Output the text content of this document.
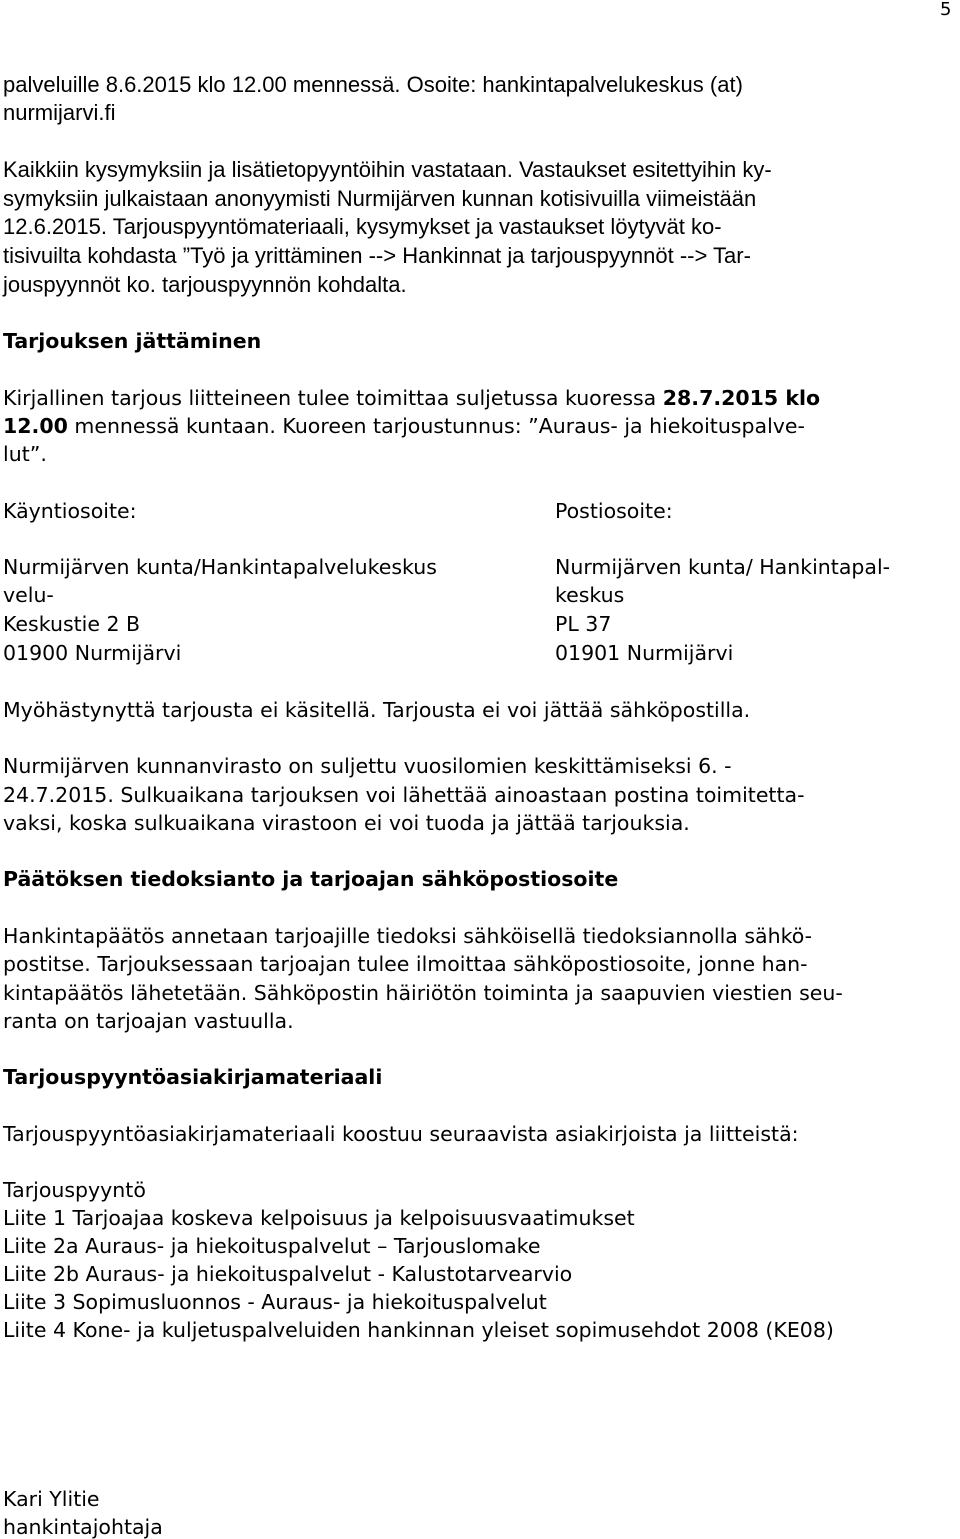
5
palveluille 8.6.2015 klo 12.00 mennessä. Osoite: hankintapalvelukeskus (at)
nurmijarvi.fi
Kaikkiin kysymyksiin ja lisätietopyyntöihin vastataan. Vastaukset esitettyihin ky-
symyksiin julkaistaan anonyymisti Nurmijärven kunnan kotisivuilla viimeistään
12.6.2015. Tarjouspyyntömateriaali, kysymykset ja vastaukset löytyvät ko-
tisivuilta kohdasta ”Työ ja yrittäminen --> Hankinnat ja tarjouspyynnöt --> Tar-
jouspyynnöt ko. tarjouspyynnön kohdalta.
Tarjouksen jättäminen
Kirjallinen tarjous liitteineen tulee toimittaa suljetussa kuoressa 28.7.2015 klo
12.00 mennessä kuntaan. Kuoreen tarjoustunnus: ”Auraus- ja hiekoituspalve-
lut”.
Käyntiosoite:	Postiosoite:
Nurmijärven kunta/Hankintapalvelukeskus
velu-
Keskustie 2 B
01900 Nurmijärvi
Nurmijärven kunta/ Hankintapal-
keskus
PL 37
01901 Nurmijärvi
Myöhästynyttä tarjousta ei käsitellä. Tarjousta ei voi jättää sähköpostilla.
Nurmijärven kunnanvirasto on suljettu vuosilomien keskittämiseksi 6. -
24.7.2015. Sulkuaikana tarjouksen voi lähettää ainoastaan postina toimitetta-
vaksi, koska sulkuaikana virastoon ei voi tuoda ja jättää tarjouksia.
Päätöksen tiedoksianto ja tarjoajan sähköpostiosoite
Hankintapäätös annetaan tarjoajille tiedoksi sähköisellä tiedoksiannolla sähkö-
postitse. Tarjouksessaan tarjoajan tulee ilmoittaa sähköpostiosoite, jonne han-
kintapäätös lähetetään. Sähköpostin häiriötön toiminta ja saapuvien viestien seu-
ranta on tarjoajan vastuulla.
Tarjouspyyntöasiakirjamateriaali
Tarjouspyyntöasiakirjamateriaali koostuu seuraavista asiakirjoista ja liitteistä:
Tarjouspyyntö
Liite 1 Tarjoajaa koskeva kelpoisuus ja kelpoisuusvaatimukset
Liite 2a Auraus- ja hiekoituspalvelut – Tarjouslomake
Liite 2b Auraus- ja hiekoituspalvelut - Kalustotarvearvio
Liite 3 Sopimusluonnos - Auraus- ja hiekoituspalvelut
Liite 4 Kone- ja kuljetuspalveluiden hankinnan yleiset sopimusehdot 2008 (KE08)
Kari Ylitie
hankintajohtaja
